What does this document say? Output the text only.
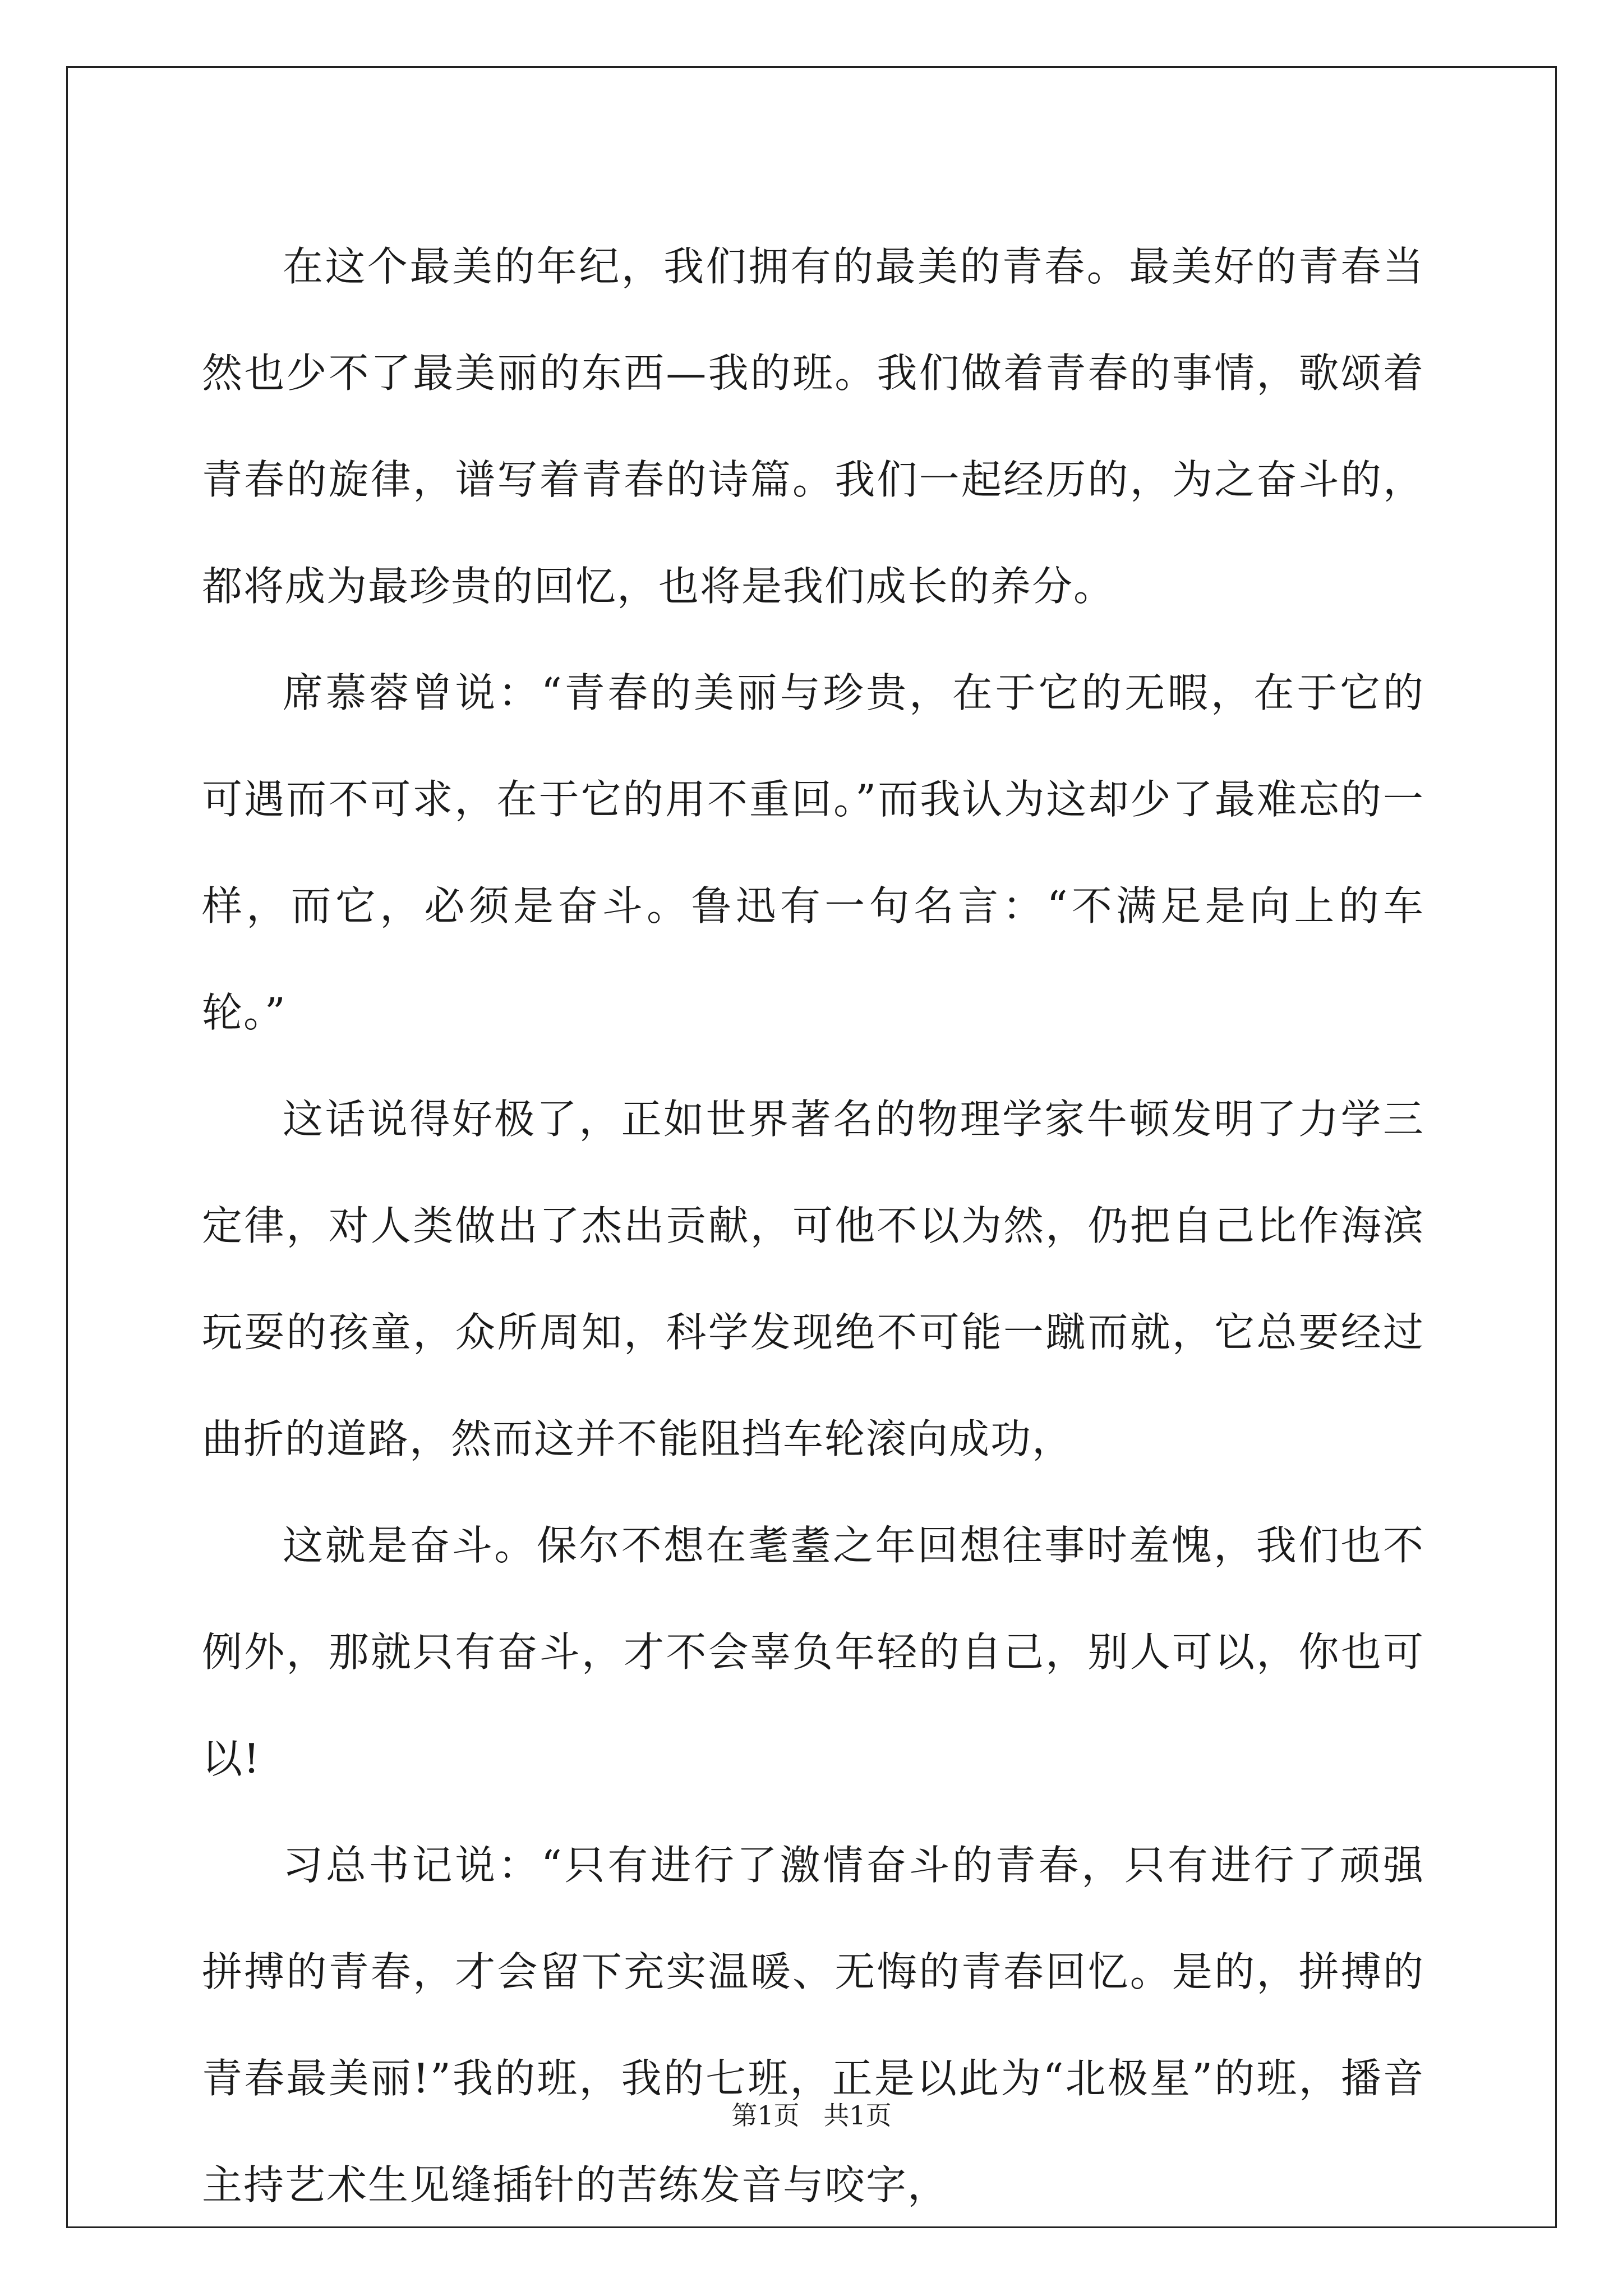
在这个最美的年纪，我们拥有的最美的青春。最美好的青春当然也少不了最美丽的东西—我的班。我们做着青春的事情，歌颂着青春的旋律，谱写着青春的诗篇。我们一起经历的，为之奋斗的，都将成为最珍贵的回忆，也将是我们成长的养分。

席慕蓉曾说：“青春的美丽与珍贵，在于它的无暇，在于它的可遇而不可求，在于它的用不重回。”而我认为这却少了最难忘的一样，而它，必须是奋斗。鲁迅有一句名言：“不满足是向上的车轮。”

这话说得好极了，正如世界著名的物理学家牛顿发明了力学三定律，对人类做出了杰出贡献，可他不以为然，仍把自己比作海滨玩耍的孩童，众所周知，科学发现绝不可能一蹴而就，它总要经过曲折的道路，然而这并不能阻挡车轮滚向成功，

这就是奋斗。保尔不想在耄耋之年回想往事时羞愧，我们也不例外，那就只有奋斗，才不会辜负年轻的自己，别人可以，你也可以!

习总书记说：“只有进行了激情奋斗的青春，只有进行了顽强拼搏的青春，才会留下充实温暖、无悔的青春回忆。是的，拼搏的青春最美丽!”我的班，我的七班，正是以此为“北极星”的班，播音主持艺术生见缝插针的苦练发音与咬字，

第1页 共1页
